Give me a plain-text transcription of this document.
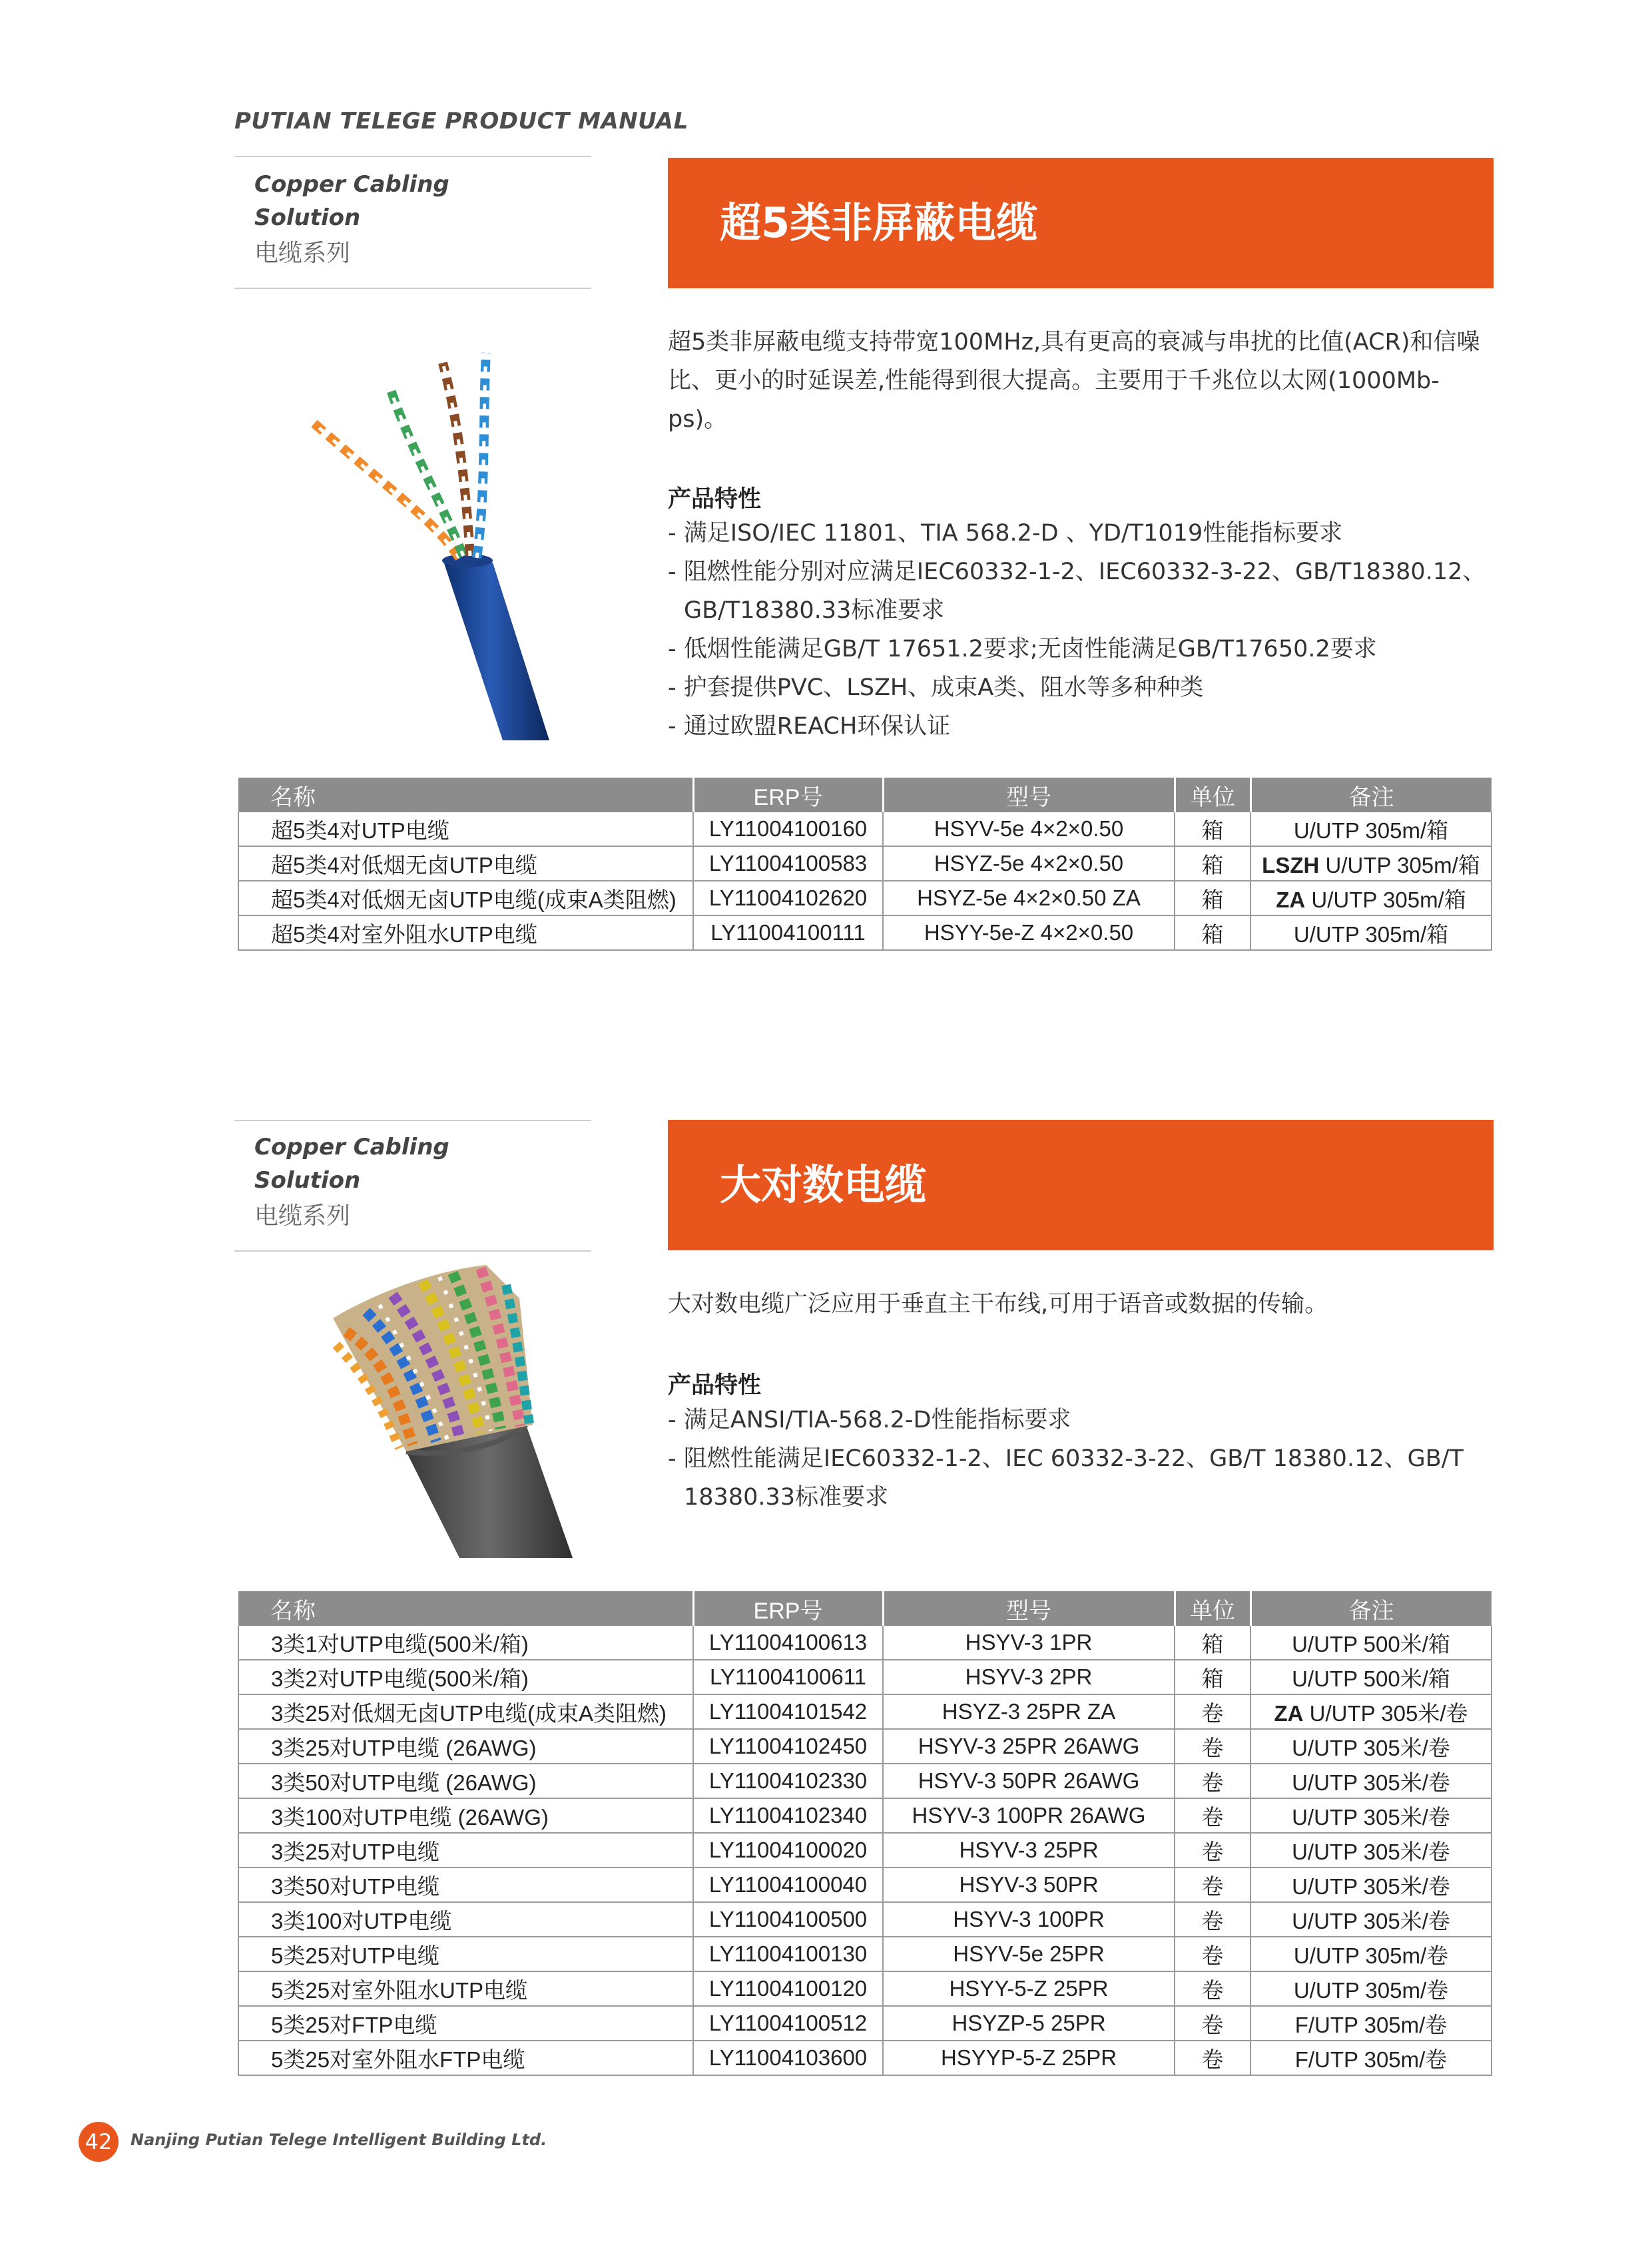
PUTIAN TELEGE PRODUCT MANUAL
Copper Cabling
Solution
电缆系列
超5类非屏蔽电缆
超5类非屏蔽电缆支持带宽100MHz,具有更高的衰减与串扰的比值(ACR)和信噪比、更小的时延误差,性能得到很大提高。主要用于千兆位以太网(1000Mb-ps)。
产品特性
- 满足ISO/IEC 11801、TIA 568.2-D 、YD/T1019性能指标要求
- 阻燃性能分别对应满足IEC60332-1-2、IEC60332-3-22、GB/T18380.12、GB/T18380.33标准要求
- 低烟性能满足GB/T 17651.2要求;无卤性能满足GB/T17650.2要求
- 护套提供PVC、LSZH、成束A类、阻水等多种种类
- 通过欧盟REACH环保认证
名称	ERP号	型号	单位	备注
超5类4对UTP电缆	LY11004100160	HSYV-5e 4×2×0.50	箱	U/UTP 305m/箱
超5类4对低烟无卤UTP电缆	LY11004100583	HSYZ-5e 4×2×0.50	箱	LSZH U/UTP 305m/箱
超5类4对低烟无卤UTP电缆(成束A类阻燃)	LY11004102620	HSYZ-5e 4×2×0.50 ZA	箱	ZA U/UTP 305m/箱
超5类4对室外阻水UTP电缆	LY11004100111	HSYY-5e-Z 4×2×0.50	箱	U/UTP 305m/箱
Copper Cabling
Solution
电缆系列
大对数电缆
大对数电缆广泛应用于垂直主干布线,可用于语音或数据的传输。
产品特性
- 满足ANSI/TIA-568.2-D性能指标要求
- 阻燃性能满足IEC60332-1-2、IEC 60332-3-22、GB/T 18380.12、GB/T 18380.33标准要求
名称	ERP号	型号	单位	备注
3类1对UTP电缆(500米/箱)	LY11004100613	HSYV-3 1PR	箱	U/UTP 500米/箱
3类2对UTP电缆(500米/箱)	LY11004100611	HSYV-3 2PR	箱	U/UTP 500米/箱
3类25对低烟无卤UTP电缆(成束A类阻燃)	LY11004101542	HSYZ-3 25PR ZA	卷	ZA U/UTP 305米/卷
3类25对UTP电缆 (26AWG)	LY11004102450	HSYV-3 25PR 26AWG	卷	U/UTP 305米/卷
3类50对UTP电缆 (26AWG)	LY11004102330	HSYV-3 50PR 26AWG	卷	U/UTP 305米/卷
3类100对UTP电缆 (26AWG)	LY11004102340	HSYV-3 100PR 26AWG	卷	U/UTP 305米/卷
3类25对UTP电缆	LY11004100020	HSYV-3 25PR	卷	U/UTP 305米/卷
3类50对UTP电缆	LY11004100040	HSYV-3 50PR	卷	U/UTP 305米/卷
3类100对UTP电缆	LY11004100500	HSYV-3 100PR	卷	U/UTP 305米/卷
5类25对UTP电缆	LY11004100130	HSYV-5e 25PR	卷	U/UTP 305m/卷
5类25对室外阻水UTP电缆	LY11004100120	HSYY-5-Z 25PR	卷	U/UTP 305m/卷
5类25对FTP电缆	LY11004100512	HSYZP-5 25PR	卷	F/UTP 305m/卷
5类25对室外阻水FTP电缆	LY11004103600	HSYYP-5-Z 25PR	卷	F/UTP 305m/卷
42	Nanjing Putian Telege Intelligent Building Ltd.
